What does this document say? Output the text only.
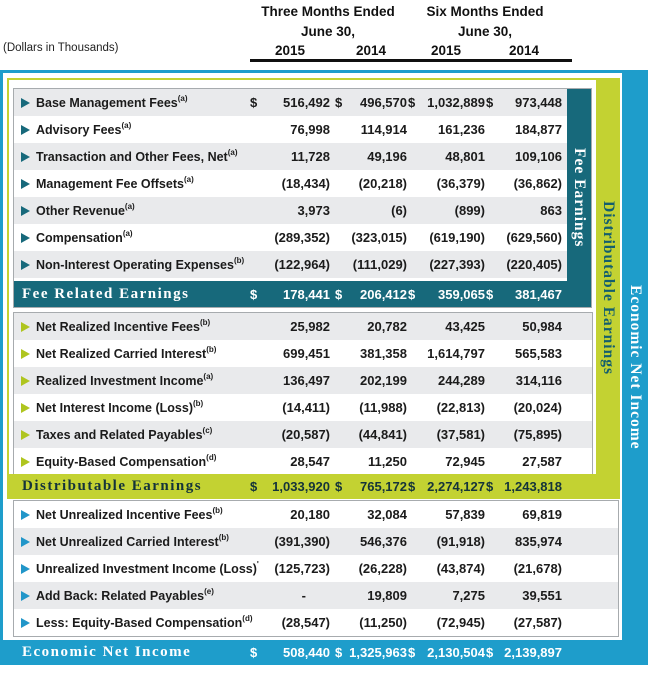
(Dollars in Thousands)
Three Months Ended Six Months Ended
June 30,	June 30,
2015	2014	2015	2014
Economic Net Income
Distributable Earnings
Base Management Fees$^{(a)}$	$ 516,492 $ 496,570 $ 1,032,889 $ 973,448
Advisory Fees$^{(a)}$	76,998 114,914 161,236 184,877
Transaction and Other Fees, Net$^{(a)}$	11,728	49,196	48,801 109,106
Management Fee Offsets$^{(a)}$	(18,434) (20,218) (36,379) (36,862)
Other Revenue$^{(a)}$	3,973	(6)	(899)	863
Compensation$^{(a)}$	(289,352) (323,015) (619,190) (629,560)
Non-Interest Operating Expenses$^{(b)}$ (122,964) (111,029) (227,393) (220,405)
Fee Earnings
Fee Related Earnings	$ 178,441 $ 206,412 $ 359,065 $ 381,467
Net Realized Incentive Fees$^{(b)}$	25,982	20,782	43,425	50,984
Net Realized Carried Interest$^{(b)}$	699,451 381,358 1,614,797 565,583
Realized Investment Income$^{(a)}$	136,497 202,199 244,289 314,116
Net Interest Income (Loss)$^{(b)}$	(14,411) (11,988) (22,813) (20,024)
Taxes and Related Payables$^{(c)}$	(20,587) (44,841) (37,581) (75,895)
Equity-Based Compensation$^{(d)}$	28,547	11,250	72,945	27,587
Distributable Earnings	$ 1,033,920 $ 765,172 $ 2,274,127 $ 1,243,818
Net Unrealized Incentive Fees$^{(b)}$	20,180	32,084	57,839	69,819
Net Unrealized Carried Interest$^{(b)}$	(391,390) 546,376 (91,918) 835,974
Unrealized Investment Income (Loss)' (125,723) (26,228) (43,874) (21,678)
Add Back: Related Payables$^{(e)}$	-	19,809	7,275	39,551
Less: Equity-Based Compensation$^{(d)}$ (28,547) (11,250) (72,945) (27,587)
Economic Net Income	$ 508,440 $ 1,325,963 $ 2,130,504 $ 2,139,897
